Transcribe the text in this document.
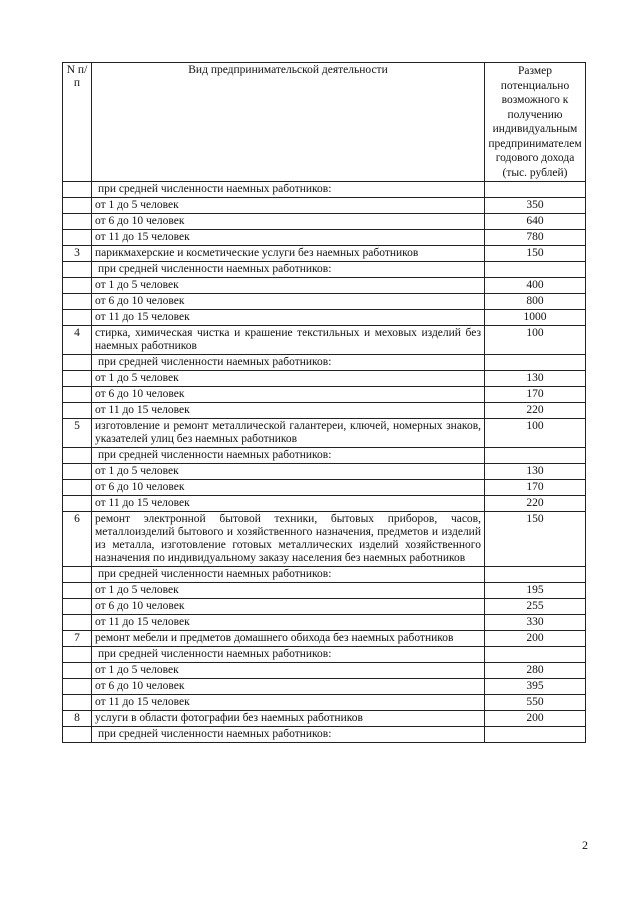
N п/п	Вид предпринимательской деятельности	Размер потенциально возможного к получению индивидуальным предпринимателем годового дохода (тыс. рублей)
	при средней численности наемных работников:	
	от 1 до 5 человек	350
	от 6 до 10 человек	640
	от 11 до 15 человек	780
3	парикмахерские и косметические услуги без наемных работников	150
	при средней численности наемных работников:	
	от 1 до 5 человек	400
	от 6 до 10 человек	800
	от 11 до 15 человек	1000
4	стирка, химическая чистка и крашение текстильных и меховых изделий без наемных работников	100
	при средней численности наемных работников:	
	от 1 до 5 человек	130
	от 6 до 10 человек	170
	от 11 до 15 человек	220
5	изготовление и ремонт металлической галантереи, ключей, номерных знаков, указателей улиц без наемных работников	100
	при средней численности наемных работников:	
	от 1 до 5 человек	130
	от 6 до 10 человек	170
	от 11 до 15 человек	220
6	ремонт электронной бытовой техники, бытовых приборов, часов, металлоизделий бытового и хозяйственного назначения, предметов и изделий из металла, изготовление готовых металлических изделий хозяйственного назначения по индивидуальному заказу населения без наемных работников	150
	при средней численности наемных работников:	
	от 1 до 5 человек	195
	от 6 до 10 человек	255
	от 11 до 15 человек	330
7	ремонт мебели и предметов домашнего обихода без наемных работников	200
	при средней численности наемных работников:	
	от 1 до 5 человек	280
	от 6 до 10 человек	395
	от 11 до 15 человек	550
8	услуги в области фотографии без наемных работников	200
	при средней численности наемных работников:	
2
